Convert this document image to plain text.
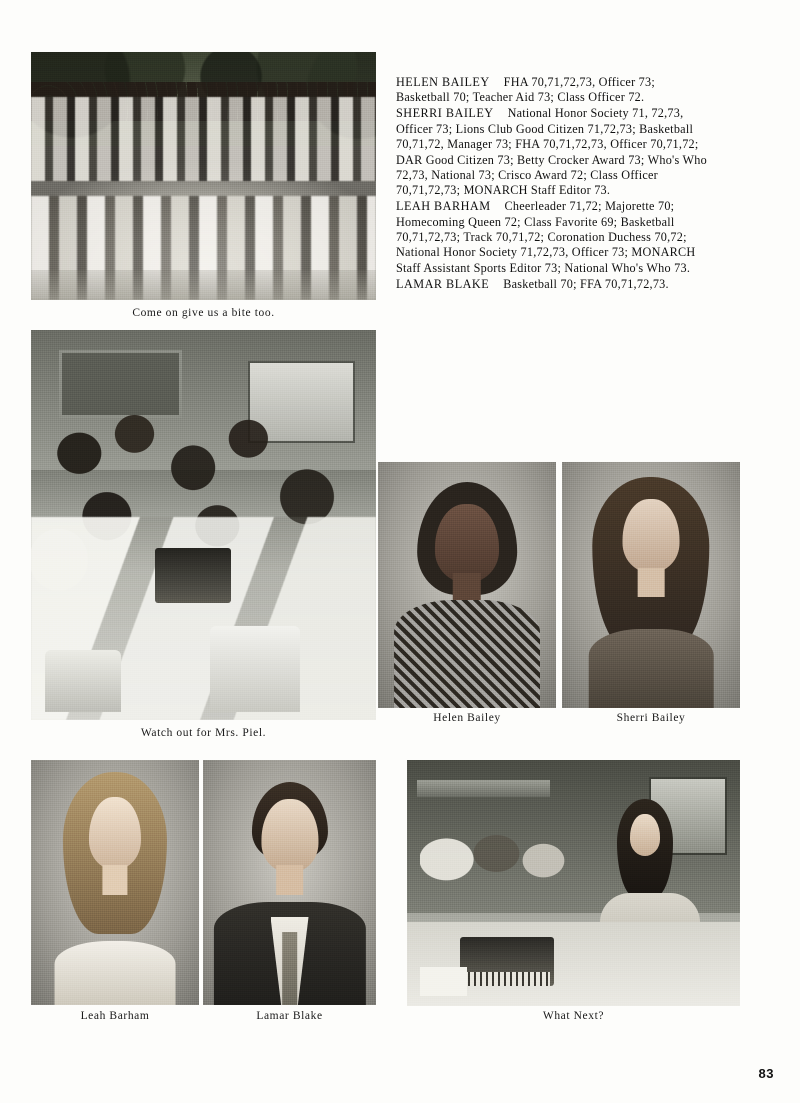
Come on give us a bite too.
Watch out for Mrs. Piel.

HELEN BAILEY FHA 70,71,72,73, Officer 73; Basketball 70; Teacher Aid 73; Class Officer 72.

SHERRI BAILEY National Honor Society 71, 72,73, Officer 73; Lions Club Good Citizen 71,72,73; Basketball 70,71,72, Manager 73; FHA 70,71,72,73, Officer 70,71,72; DAR Good Citizen 73; Betty Crocker Award 73; Who's Who 72,73, National 73; Crisco Award 72; Class Officer 70,71,72,73; MONARCH Staff Editor 73.

LEAH BARHAM Cheerleader 71,72; Majorette 70; Homecoming Queen 72; Class Favorite 69; Basketball 70,71,72,73; Track 70,71,72; Coronation Duchess 70,72; National Honor Society 71,72,73, Officer 73; MONARCH Staff Assistant Sports Editor 73; National Who's Who 73.

LAMAR BLAKE Basketball 70; FFA 70,71,72,73.

Helen Bailey	Sherri Bailey
Leah Barham	Lamar Blake	What Next?
83
